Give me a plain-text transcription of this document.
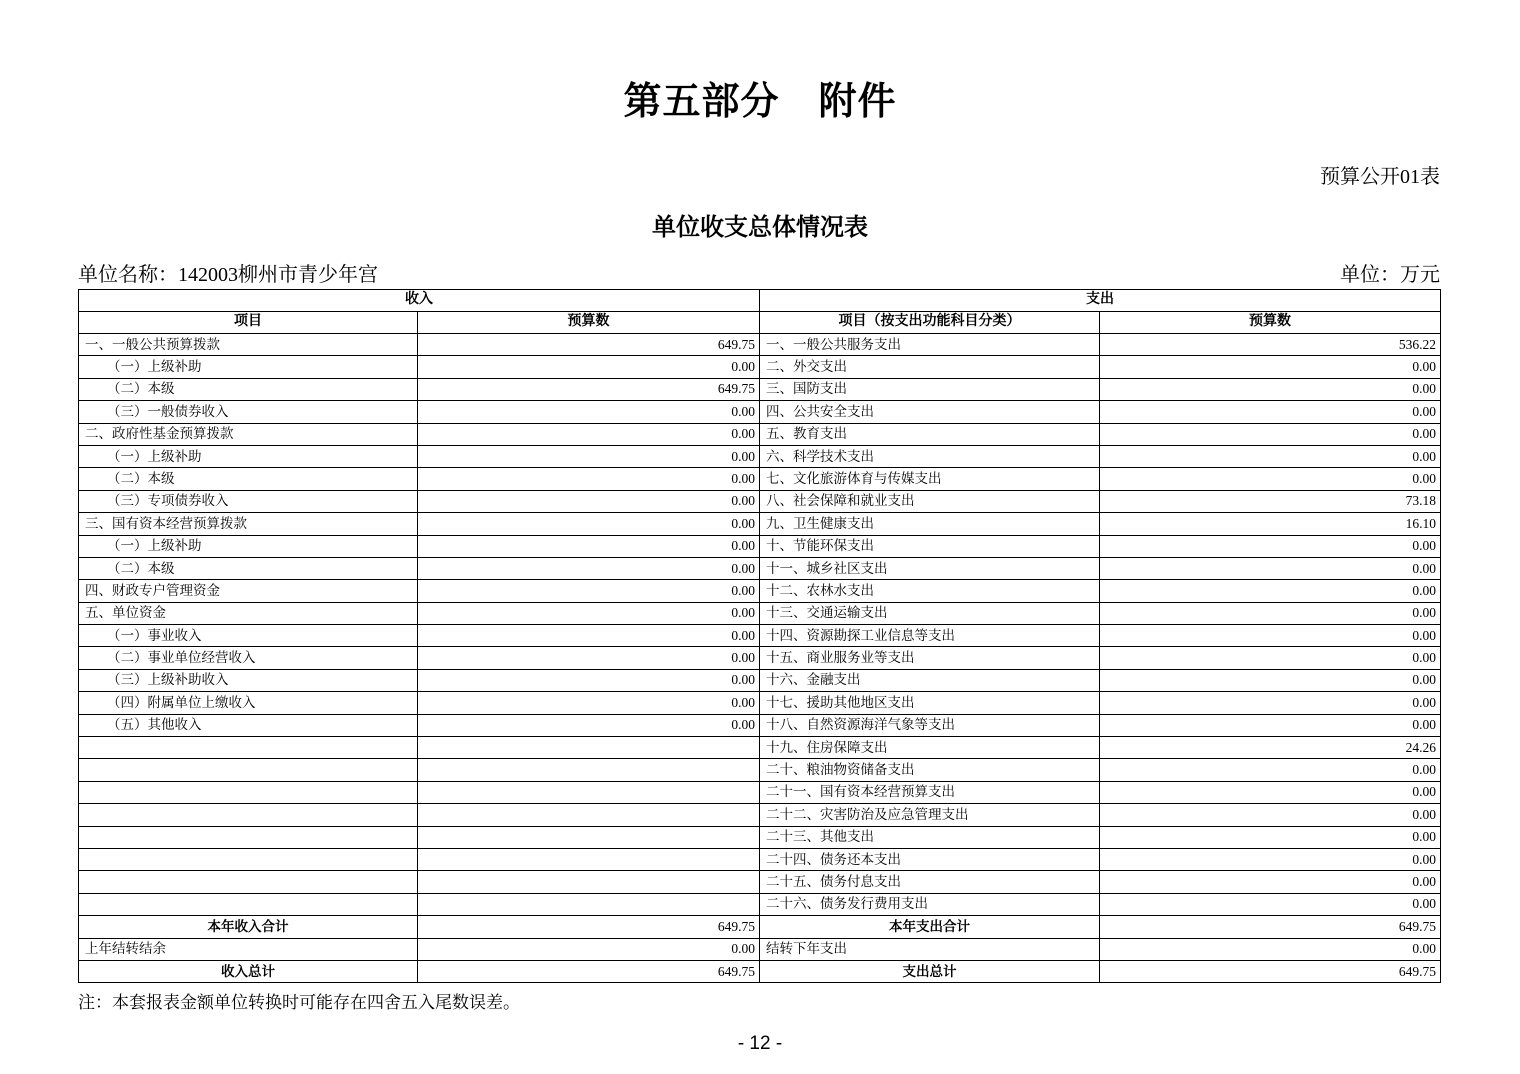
第五部分　附件
预算公开01表
单位收支总体情况表
单位名称：142003柳州市青少年宫	单位：万元
收入		支出	
项目	预算数	项目（按支出功能科目分类）	预算数
一、一般公共预算拨款	649.75	一、一般公共服务支出	536.22
（一）上级补助	0.00	二、外交支出	0.00
（二）本级	649.75	三、国防支出	0.00
（三）一般债券收入	0.00	四、公共安全支出	0.00
二、政府性基金预算拨款	0.00	五、教育支出	0.00
（一）上级补助	0.00	六、科学技术支出	0.00
（二）本级	0.00	七、文化旅游体育与传媒支出	0.00
（三）专项债券收入	0.00	八、社会保障和就业支出	73.18
三、国有资本经营预算拨款	0.00	九、卫生健康支出	16.10
（一）上级补助	0.00	十、节能环保支出	0.00
（二）本级	0.00	十一、城乡社区支出	0.00
四、财政专户管理资金	0.00	十二、农林水支出	0.00
五、单位资金	0.00	十三、交通运输支出	0.00
（一）事业收入	0.00	十四、资源勘探工业信息等支出	0.00
（二）事业单位经营收入	0.00	十五、商业服务业等支出	0.00
（三）上级补助收入	0.00	十六、金融支出	0.00
（四）附属单位上缴收入	0.00	十七、援助其他地区支出	0.00
（五）其他收入	0.00	十八、自然资源海洋气象等支出	0.00
		十九、住房保障支出	24.26
		二十、粮油物资储备支出	0.00
		二十一、国有资本经营预算支出	0.00
		二十二、灾害防治及应急管理支出	0.00
		二十三、其他支出	0.00
		二十四、债务还本支出	0.00
		二十五、债务付息支出	0.00
		二十六、债务发行费用支出	0.00
本年收入合计	649.75	本年支出合计	649.75
上年结转结余	0.00	结转下年支出	0.00
收入总计	649.75	支出总计	649.75
注：本套报表金额单位转换时可能存在四舍五入尾数误差。
- 12 -
